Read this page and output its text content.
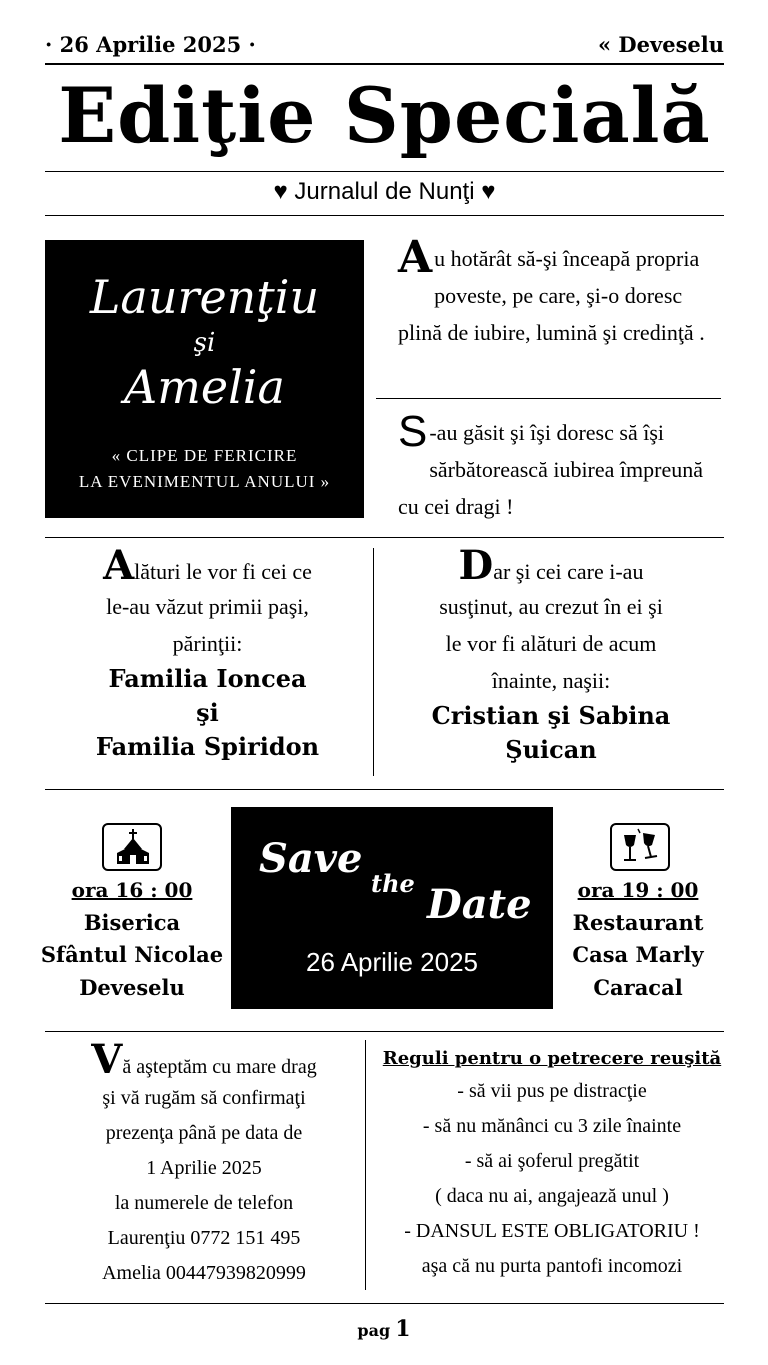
· 26 Aprilie 2025 ·	« Deveselu
Ediţie Specială
♥ Jurnalul de Nunţi ♥
Laurenţiu
şi
Amelia
« CLIPE DE FERICIRE
LA EVENIMENTUL ANULUI »
A u hotărât să-şi înceapă propria poveste, pe care, şi-o doresc plină de iubire, lumină şi credinţă .
S -au găsit şi îşi doresc să îşi sărbătorească iubirea împreună cu cei dragi !
Alături le vor fi cei ce
le-au văzut primii paşi,
părinţii:
Familia Ioncea
şi
Familia Spiridon
Dar şi cei care i-au
susţinut, au crezut în ei şi
le vor fi alături de acum
înainte, naşii:
Cristian şi Sabina
Şuican
ora 16 : 00
Biserica
Sfântul Nicolae
Deveselu
Save
the Date
26 Aprilie 2025
ora 19 : 00
Restaurant
Casa Marly
Caracal
Vă aşteptăm cu mare drag
şi vă rugăm să confirmaţi
prezenţa până pe data de
1 Aprilie 2025
la numerele de telefon
Laurenţiu 0772 151 495
Amelia 00447939820999
Reguli pentru o petrecere reuşită
- să vii pus pe distracţie
- să nu mănânci cu 3 zile înainte
- să ai şoferul pregătit
( daca nu ai, angajează unul )
- DANSUL ESTE OBLIGATORIU !
aşa că nu purta pantofi incomozi
pag 1
